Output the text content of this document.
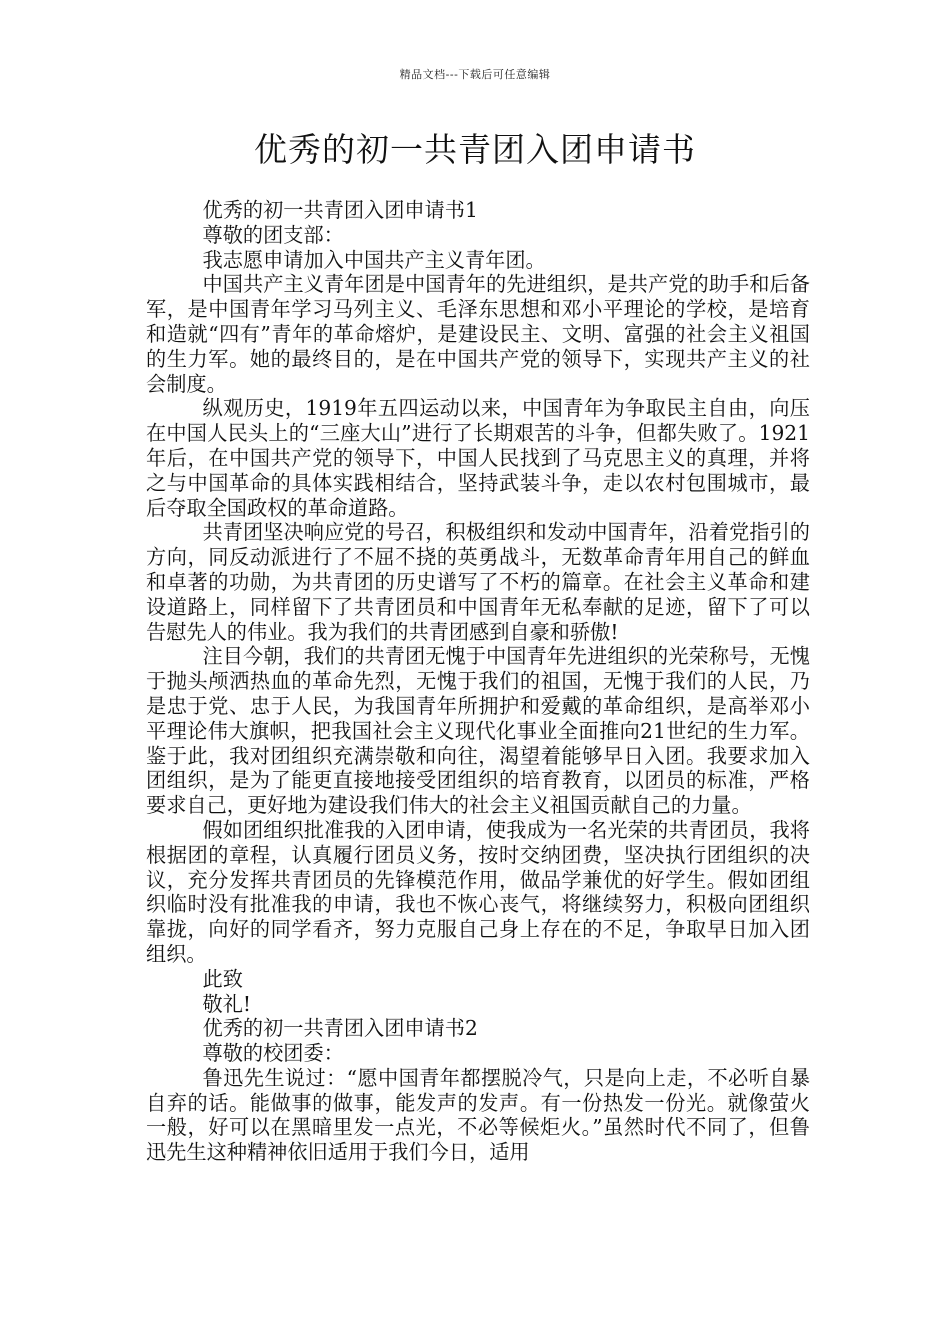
精品文档---下载后可任意编辑
优秀的初一共青团入团申请书

优秀的初一共青团入团申请书1

尊敬的团支部：

我志愿申请加入中国共产主义青年团。

中国共产主义青年团是中国青年的先进组织，是共产党的助手和后备军，是中国青年学习马列主义、毛泽东思想和邓小平理论的学校，是培育和造就“四有”青年的革命熔炉，是建设民主、文明、富强的社会主义祖国的生力军。她的最终目的，是在中国共产党的领导下，实现共产主义的社会制度。

纵观历史，1919年五四运动以来，中国青年为争取民主自由，向压在中国人民头上的“三座大山”进行了长期艰苦的斗争，但都失败了。1921年后，在中国共产党的领导下，中国人民找到了马克思主义的真理，并将之与中国革命的具体实践相结合，坚持武装斗争，走以农村包围城市，最后夺取全国政权的革命道路。

共青团坚决响应党的号召，积极组织和发动中国青年，沿着党指引的方向，同反动派进行了不屈不挠的英勇战斗，无数革命青年用自己的鲜血和卓著的功勋，为共青团的历史谱写了不朽的篇章。在社会主义革命和建设道路上，同样留下了共青团员和中国青年无私奉献的足迹，留下了可以告慰先人的伟业。我为我们的共青团感到自豪和骄傲!

注目今朝，我们的共青团无愧于中国青年先进组织的光荣称号，无愧于抛头颅洒热血的革命先烈，无愧于我们的祖国，无愧于我们的人民，乃是忠于党、忠于人民，为我国青年所拥护和爱戴的革命组织，是高举邓小平理论伟大旗帜，把我国社会主义现代化事业全面推向21世纪的生力军。鉴于此，我对团组织充满崇敬和向往，渴望着能够早日入团。我要求加入团组织，是为了能更直接地接受团组织的培育教育，以团员的标准，严格要求自己，更好地为建设我们伟大的社会主义祖国贡献自己的力量。

假如团组织批准我的入团申请，使我成为一名光荣的共青团员，我将根据团的章程，认真履行团员义务，按时交纳团费，坚决执行团组织的决议，充分发挥共青团员的先锋模范作用，做品学兼优的好学生。假如团组织临时没有批准我的申请，我也不恢心丧气，将继续努力，积极向团组织靠拢，向好的同学看齐，努力克服自己身上存在的不足，争取早日加入团组织。

此致

敬礼!

优秀的初一共青团入团申请书2

尊敬的校团委：

鲁迅先生说过：“愿中国青年都摆脱冷气，只是向上走，不必听自暴自弃的话。能做事的做事，能发声的发声。有一份热发一份光。就像萤火一般，好可以在黑暗里发一点光，不必等候炬火。”虽然时代不同了，但鲁迅先生这种精神依旧适用于我们今日，适用
